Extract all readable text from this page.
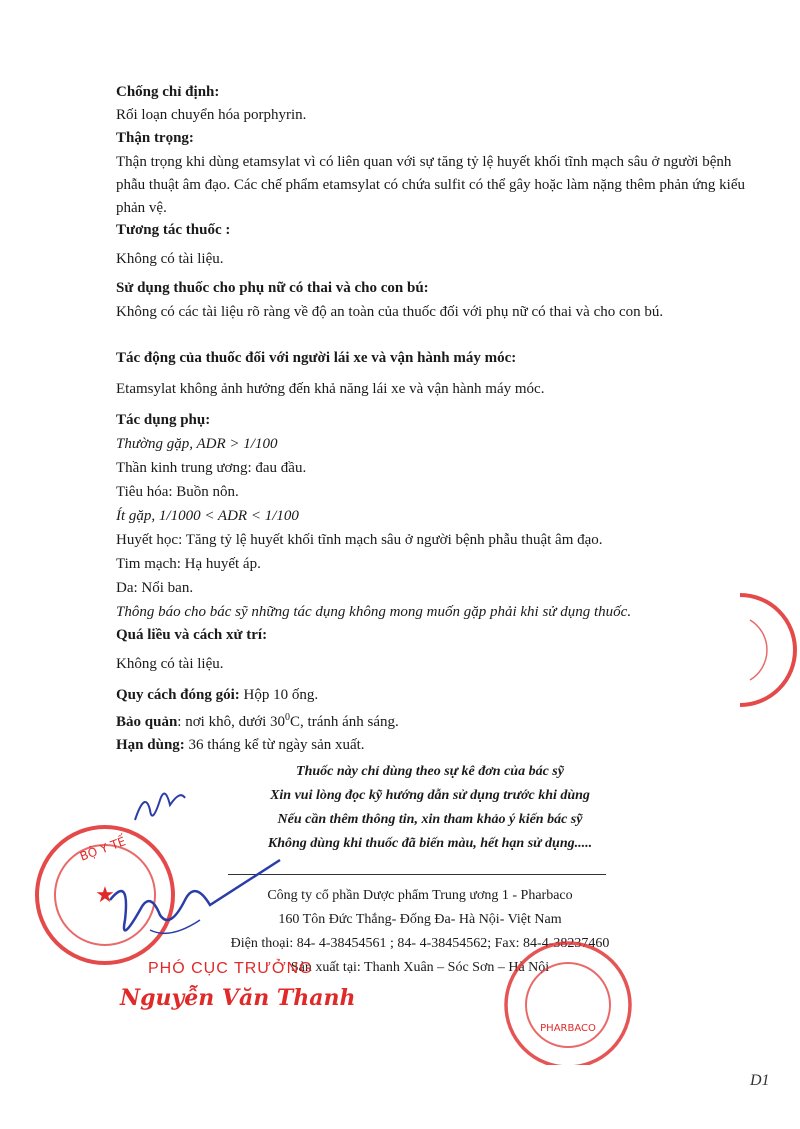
Chống chỉ định:
Rối loạn chuyển hóa porphyrin.
Thận trọng:
Thận trọng khi dùng etamsylat vì có liên quan với sự tăng tỷ lệ huyết khối tĩnh mạch sâu ở người bệnh phẫu thuật âm đạo. Các chế phẩm etamsylat có chứa sulfit có thể gây hoặc làm nặng thêm phản ứng kiểu phản vệ.
Tương tác thuốc :
Không có tài liệu.
Sử dụng thuốc cho phụ nữ có thai và cho con bú:
Không có các tài liệu rõ ràng về độ an toàn của thuốc đối với phụ nữ có thai và cho con bú.
Tác động của thuốc đối với người lái xe và vận hành máy móc:
Etamsylat không ảnh hưởng đến khả năng lái xe và vận hành máy móc.
Tác dụng phụ:
Thường gặp, ADR > 1/100
Thần kinh trung ương: đau đầu.
Tiêu hóa: Buồn nôn.
Ít gặp, 1/1000 < ADR < 1/100
Huyết học: Tăng tỷ lệ huyết khối tĩnh mạch sâu ở người bệnh phẫu thuật âm đạo.
Tim mạch: Hạ huyết áp.
Da: Nổi ban.
Thông báo cho bác sỹ những tác dụng không mong muốn gặp phải khi sử dụng thuốc.
Quá liều và cách xử trí:
Không có tài liệu.
Quy cách đóng gói: Hộp 10 ống.
Bảo quản: nơi khô, dưới $30^0C$, tránh ánh sáng.
Hạn dùng: 36 tháng kể từ ngày sản xuất.
Thuốc này chỉ dùng theo sự kê đơn của bác sỹ
Xin vui lòng đọc kỹ hướng dẫn sử dụng trước khi dùng
Nếu cần thêm thông tin, xin tham khảo ý kiến bác sỹ
Không dùng khi thuốc đã biến màu, hết hạn sử dụng.....
Công ty cổ phần Dược phẩm Trung ương 1 - Pharbaco
160 Tôn Đức Thắng- Đống Đa- Hà Nội- Việt Nam
Điện thoại: 84- 4-38454561 ; 84- 4-38454562; Fax: 84-4-38237460
Sản xuất tại: Thanh Xuân – Sóc Sơn – Hà Nội
BỘ Y TẾ
★
PHÓ CỤC TRƯỞNG
Nguyễn Văn Thanh
PHARBACO
D1
